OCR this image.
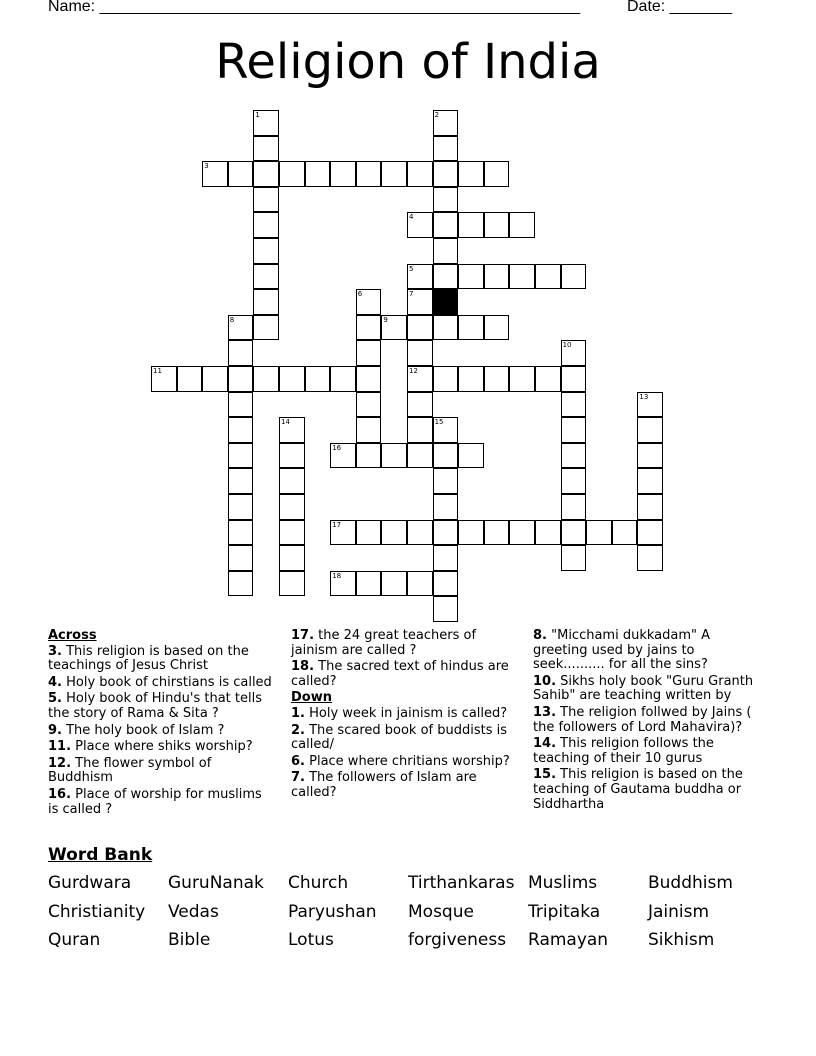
Name: ______________________________________________________	Date: _______
Religion of India
1	2
3
4
5
6	7
12
8	9
10
11
13
14	15
16
17
18
Across
3. This religion is based on the teachings of Jesus Christ
4. Holy book of chirstians is called
5. Holy book of Hindu's that tells the story of Rama & Sita ?
9. The holy book of Islam ?
11. Place where shiks worship?
12. The flower symbol of Buddhism
16. Place of worship for muslims is called ?
17. the 24 great teachers of jainism are called ?
18. The sacred text of hindus are called?
Down
1. Holy week in jainism is called?
2. The scared book of buddists is called/
6. Place where chritians worship?
7. The followers of Islam are called?
8. "Micchami dukkadam" A greeting used by jains to seek.......... for all the sins?
10. Sikhs holy book "Guru Granth Sahib" are teaching written by
13. The religion follwed by Jains ( the followers of Lord Mahavira)?
14. This religion follows the teaching of their 10 gurus
15. This religion is based on the teaching of Gautama buddha or Siddhartha
Word Bank
Gurdwara GuruNanak Church	Tirthankaras Muslims	Buddhism
Christianity Vedas	Paryushan Mosque	Tripitaka	Jainism
Quran	Bible	Lotus	forgiveness Ramayan Sikhism
